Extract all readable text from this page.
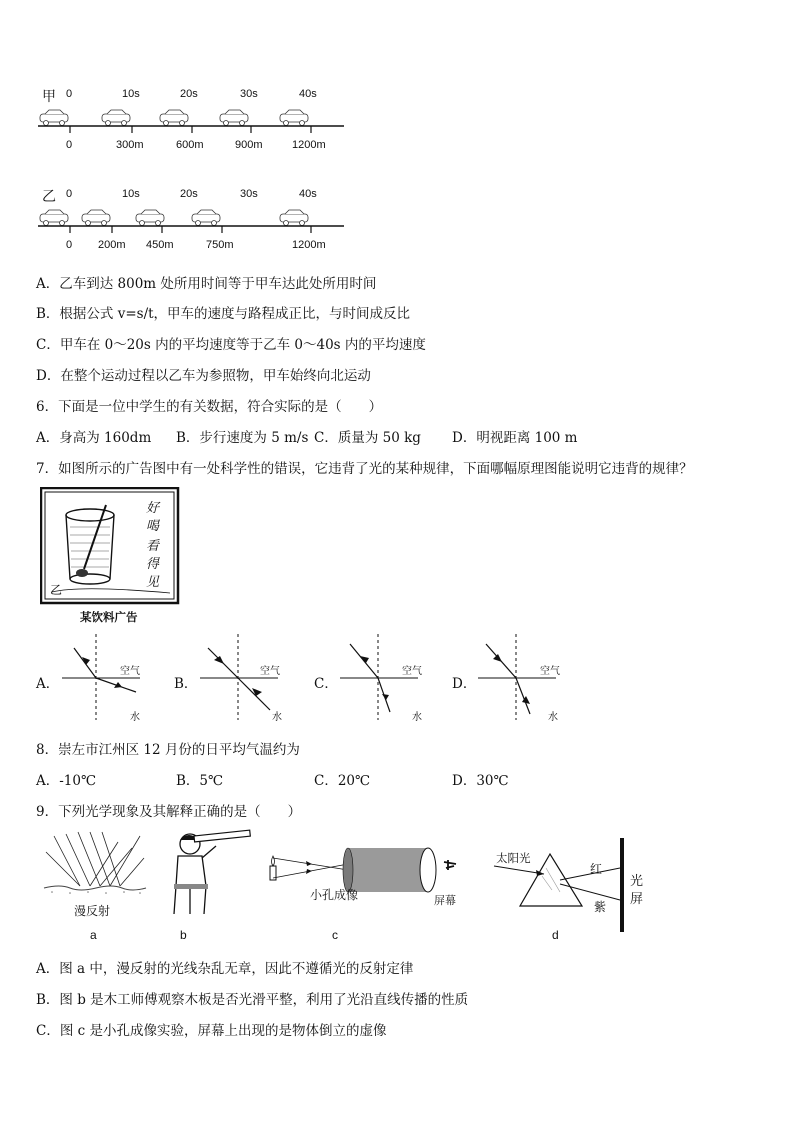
甲 0	10s	20s	30s	40s
0	300m	600m	900m	1200m
乙 0	10s	20s	30s	40s
0 200m 450m	750m	1200m
A．乙车到达 800m 处所用时间等于甲车达此处所用时间
B．根据公式 v=s/t，甲车的速度与路程成正比，与时间成反比
C．甲车在 0～20s 内的平均速度等于乙车 0～40s 内的平均速度
D．在整个运动过程以乙车为参照物，甲车始终向北运动
6．下面是一位中学生的有关数据，符合实际的是（　　）
A．身高为 160dm B．步行速度为 5 m/s C．质量为 50 kg D．明视距离 100 m
7．如图所示的广告图中有一处科学性的错误，它违背了光的某种规律，下面哪幅原理图能说明它违背的规律？
好
喝
看
得
见
乙
某饮料广告
A．
空气
水
B．
空气
水
C．
空气
水
D．
空气
水
8．崇左市江州区 12 月份的日平均气温约为
A．-10℃	B．5℃	C．20℃	D．30℃
9．下列光学现象及其解释正确的是（　　）
漫反射
a	b
小孔成像	屏幕
c
太阳光
红
紫
光
屏
d
A．图 a 中，漫反射的光线杂乱无章，因此不遵循光的反射定律
B．图 b 是木工师傅观察木板是否光滑平整，利用了光沿直线传播的性质
C．图 c 是小孔成像实验，屏幕上出现的是物体倒立的虚像
